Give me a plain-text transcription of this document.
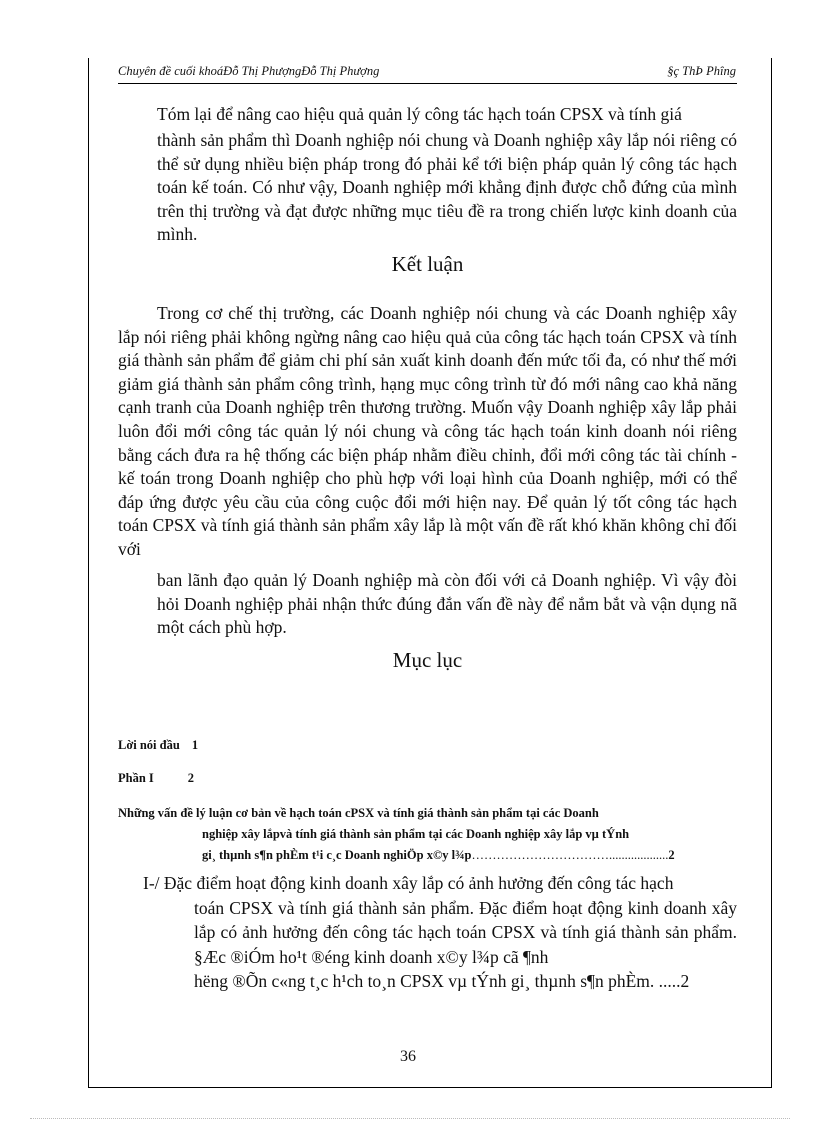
Chuyên đề cuối khoáĐỗ Thị PhượngĐỗ Thị Phượng	§ç ThÞ Phîng
Tóm lại để nâng cao hiệu quả quản lý công tác hạch toán CPSX và tính giá
thành sản phẩm thì Doanh nghiệp nói chung và Doanh nghiệp xây lắp nói riêng có thể sử dụng nhiều biện pháp trong đó phải kể tới biện pháp quản lý công tác hạch toán kế toán. Có như vậy, Doanh nghiệp mới khẳng định được chỗ đứng của mình trên thị trường và đạt được những mục tiêu đề ra trong chiến lược kinh doanh của mình.
Kết luận
Trong cơ chế thị trường, các Doanh nghiệp nói chung và các Doanh nghiệp xây lắp nói riêng phải không ngừng nâng cao hiệu quả của công tác hạch toán CPSX và tính giá thành sản phẩm để giảm chi phí sản xuất kinh doanh đến mức tối đa, có như thế mới giảm giá thành sản phẩm công trình, hạng mục công trình từ đó mới nâng cao khả năng cạnh tranh của Doanh nghiệp trên thương trường. Muốn vậy Doanh nghiệp xây lắp phải luôn đổi mới công tác quản lý nói chung và công tác hạch toán kinh doanh nói riêng bằng cách đưa ra hệ thống các biện pháp nhằm điều chỉnh, đổi mới công tác tài chính - kế toán trong Doanh nghiệp cho phù hợp với loại hình của Doanh nghiệp, mới có thể đáp ứng được yêu cầu của công cuộc đổi mới hiện nay. Để quản lý tốt công tác hạch toán CPSX và tính giá thành sản phẩm xây lắp là một vấn đề rất khó khăn không chỉ đối với
ban lãnh đạo quản lý Doanh nghiệp mà còn đối với cả Doanh nghiệp. Vì vậy đòi hỏi Doanh nghiệp phải nhận thức đúng đắn vấn đề này để nắm bắt và vận dụng nã một cách phù hợp.
Mục lục
Lời nói đầu 1
Phần I	2
Những vấn đề lý luận cơ bản về hạch toán cPSX và tính giá thành sản phẩm tại các Doanh
nghiệp xây lắpvà tính giá thành sản phẩm tại các Doanh nghiệp xây lắp vµ tÝnh
gi¸ thµnh s¶n phÈm t¹i c¸c Doanh nghiÖp x©y l¾p……………………………...................2
I-/ Đặc điểm hoạt động kinh doanh xây lắp có ảnh hưởng đến công tác hạch
toán CPSX và tính giá thành sản phẩm. Đặc điểm hoạt động kinh doanh xây lắp có ảnh hưởng đến công tác hạch toán CPSX và tính giá thành sản phẩm. §Æc ®iÓm ho¹t ®éng kinh doanh x©y l¾p cã ¶nh
hëng ®Õn c«ng t¸c h¹ch to¸n CPSX vµ tÝnh gi¸ thµnh s¶n phÈm. .....2
36
